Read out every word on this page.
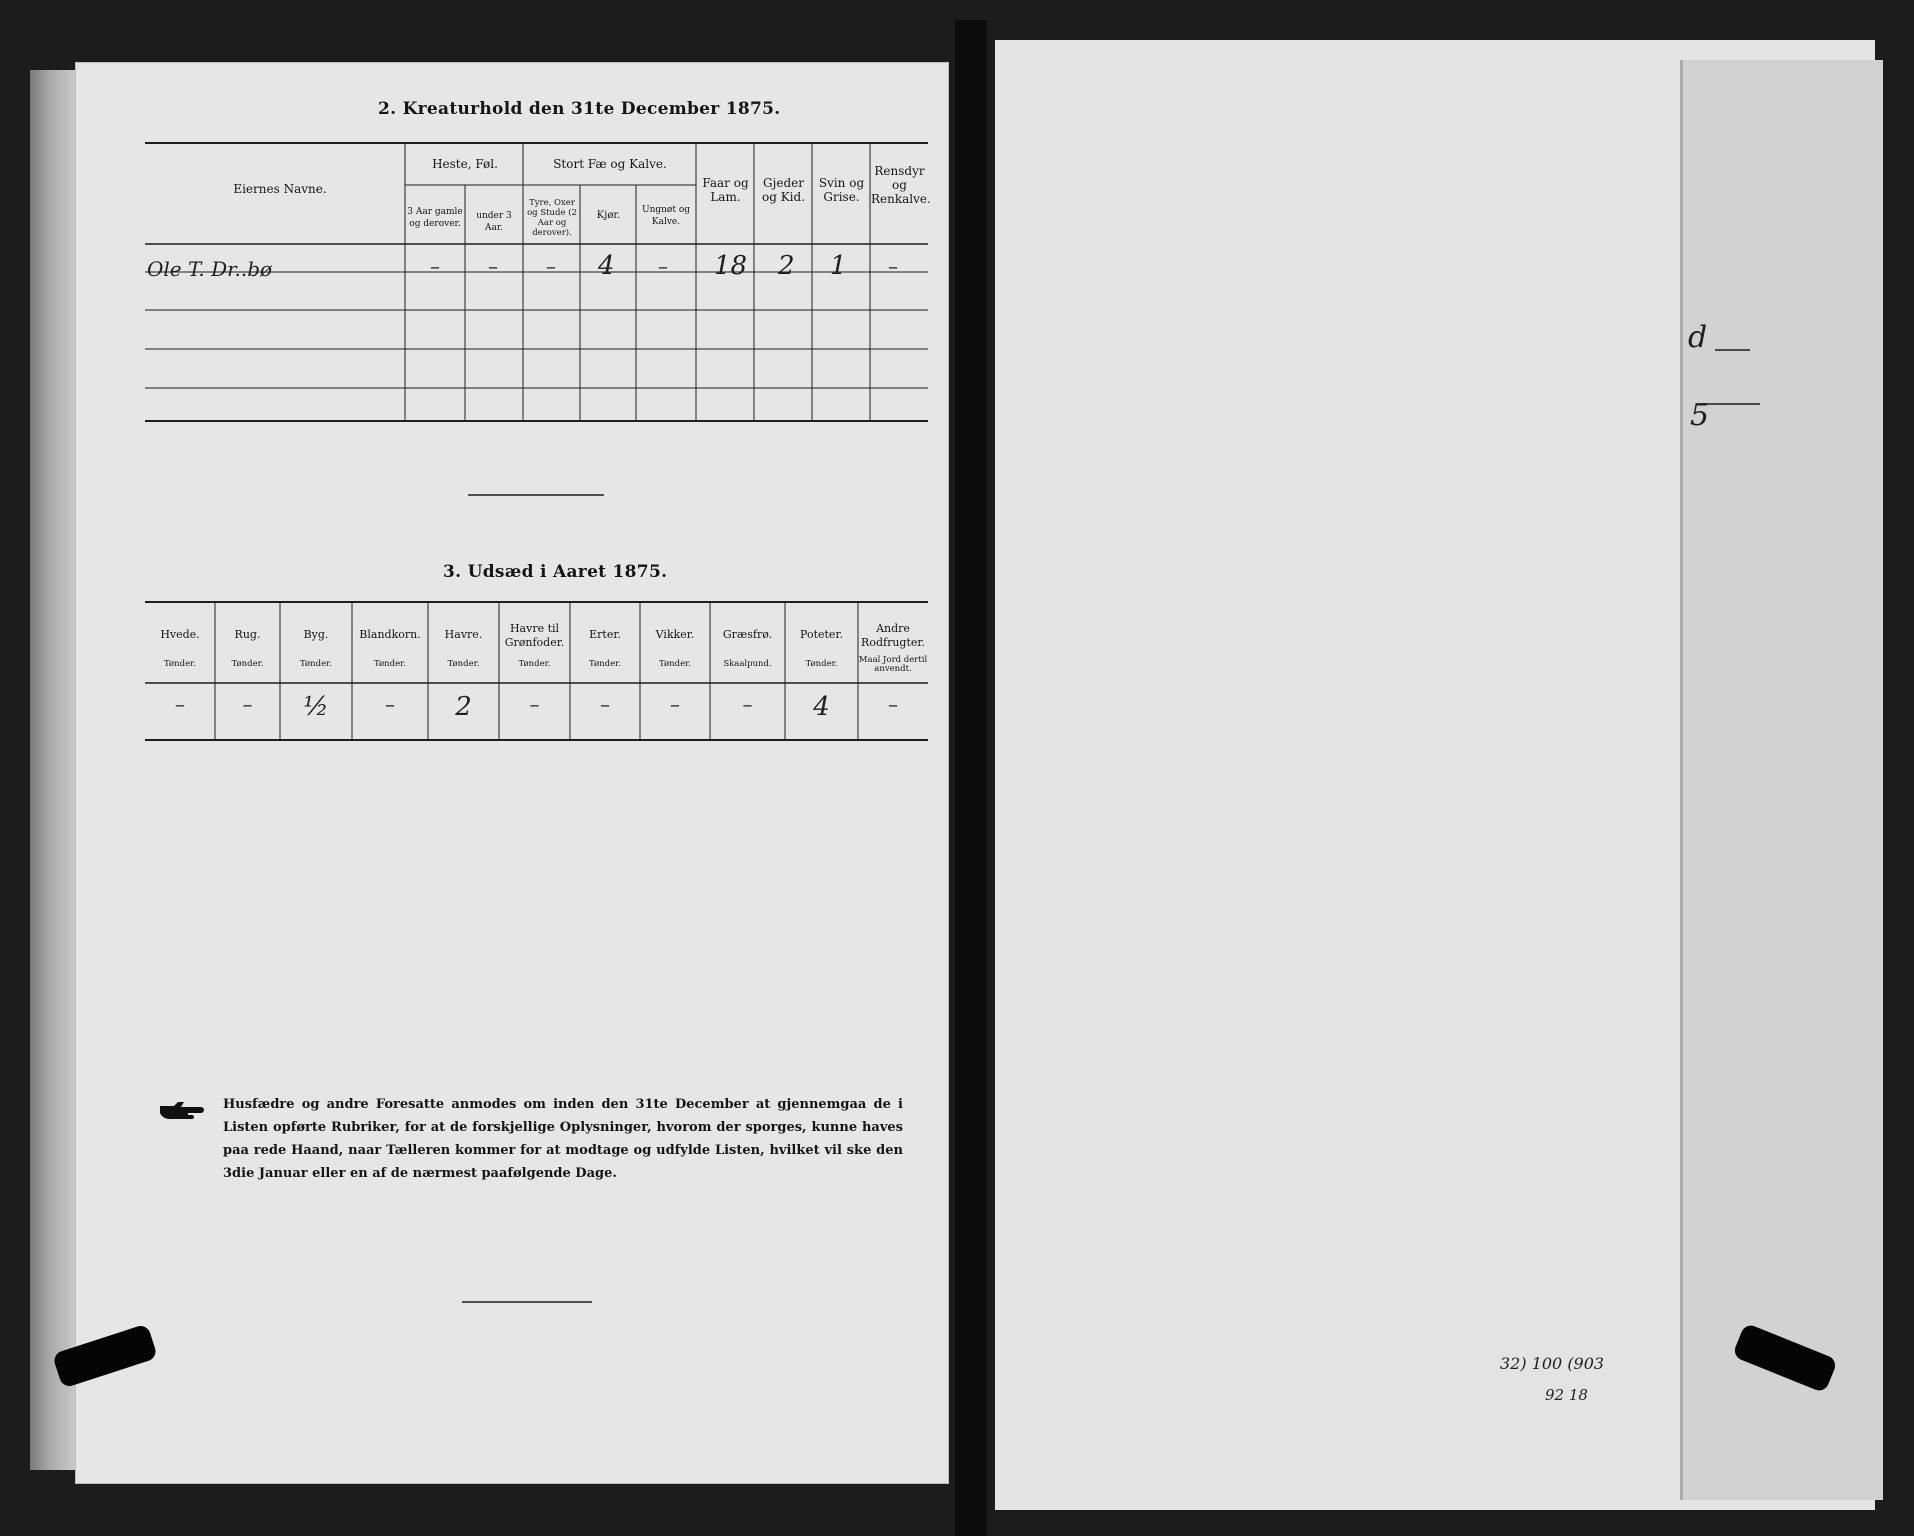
2. Kreaturhold den 31te December 1875.
Eiernes Navne.
Heste, Føl.
3 Aar gamle og derover.
under 3 Aar.
Stort Fæ og Kalve.
Tyre, Oxer og Stude (2 Aar og derover).
Kjør.	Ungnøt og Kalve.
Faar og Lam.
Gjeder og Kid.
Svin og Grise.
Rensdyr og Renkalve.
Ole T. Dr..bø	– – – 4 – 18 2 1 –
3. Udsæd i Aaret 1875.
Hvede.
Tønder.
–
Rug.
Tønder.
–
Byg.
Tønder.
½
Blandkorn.
Tønder.
–
Havre.
Tønder.
2
Havre til Grønfoder.
Tønder.
–
Erter.
Tønder.
–
Vikker.
Tønder.
–
Græsfrø.
Skaalpund.
–
Poteter.
Tønder.
4
Andre Rodfrugter.
Maal Jord dertil anvendt.
–
Husfædre og andre Foresatte anmodes om inden den 31te December at gjennemgaa de i Listen opførte Rubriker, for at de forskjellige Oplysninger, hvorom der sporges, kunne haves paa rede Haand, naar Tælleren kommer for at modtage og udfylde Listen, hvilket vil ske den 3die Januar eller en af de nærmest paafølgende Dage.
d
5
32) 100 (903
92 18
